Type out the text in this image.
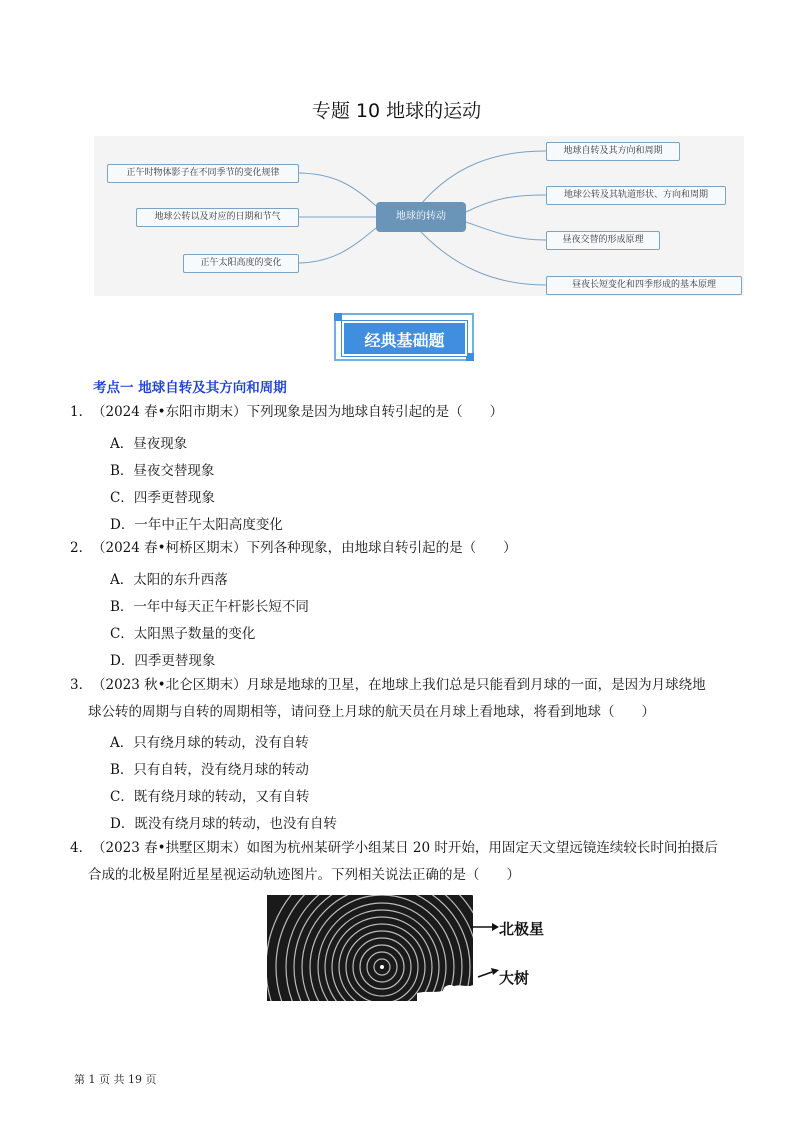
专题 10 地球的运动
地球的转动
地球自转及其方向和周期
地球公转及其轨道形状、方向和周期
昼夜交替的形成原理
昼夜长短变化和四季形成的基本原理
正午时物体影子在不同季节的变化规律
地球公转以及对应的日期和节气
正午太阳高度的变化
经典基础题
考点一 地球自转及其方向和周期
1． （2024 春•东阳市期末）下列现象是因为地球自转引起的是（　　）
A．昼夜现象
B．昼夜交替现象
C．四季更替现象
D．一年中正午太阳高度变化
2． （2024 春•柯桥区期末）下列各种现象，由地球自转引起的是（　　）
A．太阳的东升西落
B．一年中每天正午杆影长短不同
C．太阳黑子数量的变化
D．四季更替现象
3． （2023 秋•北仑区期末）月球是地球的卫星，在地球上我们总是只能看到月球的一面，是因为月球绕地
球公转的周期与自转的周期相等，请问登上月球的航天员在月球上看地球，将看到地球（　　）
A．只有绕月球的转动，没有自转
B．只有自转，没有绕月球的转动
C．既有绕月球的转动，又有自转
D．既没有绕月球的转动，也没有自转
4． （2023 春•拱墅区期末）如图为杭州某研学小组某日 20 时开始，用固定天文望远镜连续较长时间拍摄后
合成的北极星附近星星视运动轨迹图片。下列相关说法正确的是（　　）
北极星
大树
第 1 页 共 19 页
